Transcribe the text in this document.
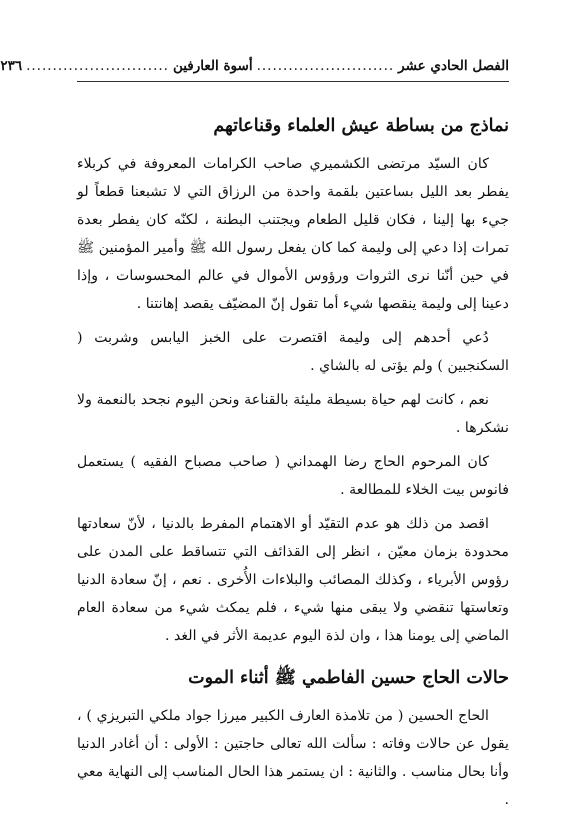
الفصل الحادي عشر
..........................
أسوة العارفين
...........................
٢٣٦
نماذج من بساطة عيش العلماء وقناعاتهم

كان السيّد مرتضى الكشميري صاحب الكرامات المعروفة في كربلاء يفطر بعد الليل بساعتين بلقمة واحدة من الرزاق التي لا تشبعنا قطعاً لو جيء بها إلينا ، فكان قليل الطعام ويجتنب البطنة ، لكنّه كان يفطر بعدة تمرات إذا دعي إلى وليمة كما كان يفعل رسول الله ﷺ وأمير المؤمنين ﷺ في حين أنّنا نرى الثروات ورؤوس الأموال في عالم المحسوسات ، وإذا دعينا إلى وليمة ينقصها شيء أما تقول إنّ المضيّف يقصد إهانتنا .

دُعي أحدهم إلى وليمة اقتصرت على الخبز اليابس وشربت ( السكنجبين ) ولم يؤتى له بالشاي .

نعم ، كانت لهم حياة بسيطة مليئة بالقناعة ونحن اليوم نجحد بالنعمة ولا نشكرها .

كان المرحوم الحاج رضا الهمداني ( صاحب مصباح الفقيه ) يستعمل فانوس بيت الخلاء للمطالعة .

اقصد من ذلك هو عدم التقيّد أو الاهتمام المفرط بالدنيا ، لأنّ سعادتها محدودة بزمان معيّن ، انظر إلى القذائف التي تتساقط على المدن على رؤوس الأبرياء ، وكذلك المصائب والبلاءات الأُخرى . نعم ، إنّ سعادة الدنيا وتعاستها تنقضي ولا يبقى منها شيء ، فلم يمكث شيء من سعادة العام الماضي إلى يومنا هذا ، وان لذة اليوم عديمة الأثر في الغد .

حالات الحاج حسين الفاطمي ﷺ أثناء الموت

الحاج الحسين ( من تلامذة العارف الكبير ميرزا جواد ملكي التبريزي ) ، يقول عن حالات وفاته : سألت الله تعالى حاجتين : الأولى : أن أغادر الدنيا وأنا بحال مناسب . والثانية : ان يستمر هذا الحال المناسب إلى النهاية معي .
